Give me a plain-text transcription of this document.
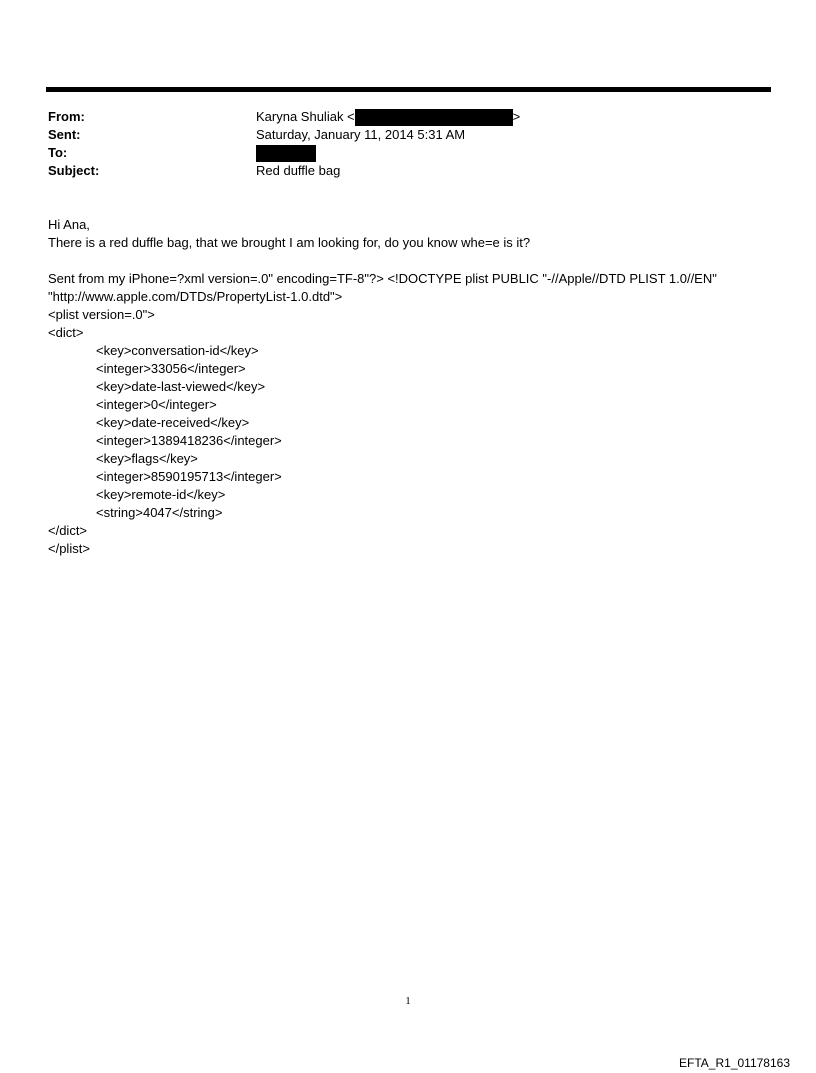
From:	Karyna Shuliak <	>
Sent:	Saturday, January 11, 2014 5:31 AM
To:
Subject:	Red duffle bag
Hi Ana,
There is a red duffle bag, that we brought I am looking for, do you know whe=e is it?
Sent from my iPhone=?xml version=.0" encoding=TF-8"?> <!DOCTYPE plist PUBLIC "-//Apple//DTD PLIST 1.0//EN"
"http://www.apple.com/DTDs/PropertyList-1.0.dtd">
<plist version=.0">
<dict>
<key>conversation-id</key>
<integer>33056</integer>
<key>date-last-viewed</key>
<integer>0</integer>
<key>date-received</key>
<integer>1389418236</integer>
<key>flags</key>
<integer>8590195713</integer>
<key>remote-id</key>
<string>4047</string>
</dict>
</plist>
1
EFTA_R1_01178163
